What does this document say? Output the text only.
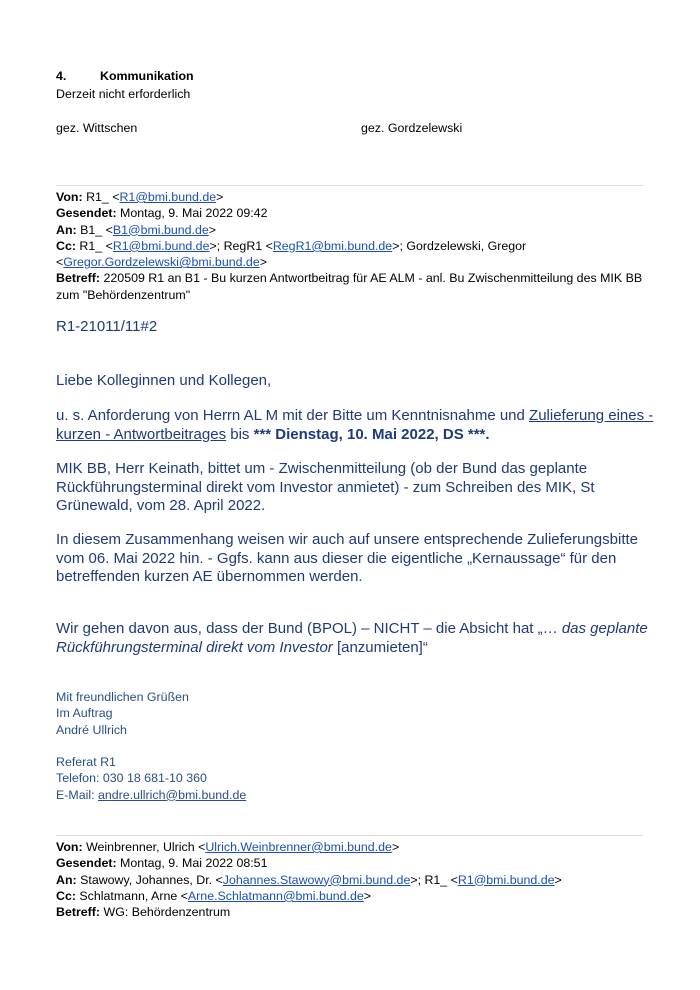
4.	Kommunikation
Derzeit nicht erforderlich
gez. Wittschen	gez. Gordzelewski

Von: R1_ <R1@bmi.bund.de>

Gesendet: Montag, 9. Mai 2022 09:42

An: B1_ <B1@bmi.bund.de>

Cc: R1_ <R1@bmi.bund.de>; RegR1 <RegR1@bmi.bund.de>; Gordzelewski, Gregor

<Gregor.Gordzelewski@bmi.bund.de>

Betreff: 220509 R1 an B1 - Bu kurzen Antwortbeitrag für AE ALM - anl. Bu Zwischenmitteilung des MIK BB

zum "Behördenzentrum"

R1-21011/11#2
Liebe Kolleginnen und Kollegen,
u. s. Anforderung von Herrn AL M mit der Bitte um Kenntnisnahme und Zulieferung eines -
kurzen - Antwortbeitrages bis *** Dienstag, 10. Mai 2022, DS ***.

MIK BB, Herr Keinath, bittet um - Zwischenmitteilung (ob der Bund das geplante

Rückführungsterminal direkt vom Investor anmietet) - zum Schreiben des MIK, St

Grünewald, vom 28. April 2022.

In diesem Zusammenhang weisen wir auch auf unsere entsprechende Zulieferungsbitte

vom 06. Mai 2022 hin. - Ggfs. kann aus dieser die eigentliche „Kernaussage“ für den

betreffenden kurzen AE übernommen werden.

Wir gehen davon aus, dass der Bund (BPOL) – NICHT – die Absicht hat „… das geplante
Rückführungsterminal direkt vom Investor [anzumieten]“

Mit freundlichen Grüßen

Im Auftrag

André Ullrich

Referat R1

Telefon: 030 18 681-10 360

E-Mail: andre.ullrich@bmi.bund.de

Von: Weinbrenner, Ulrich <Ulrich.Weinbrenner@bmi.bund.de>

Gesendet: Montag, 9. Mai 2022 08:51

An: Stawowy, Johannes, Dr. <Johannes.Stawowy@bmi.bund.de>; R1_ <R1@bmi.bund.de>

Cc: Schlatmann, Arne <Arne.Schlatmann@bmi.bund.de>

Betreff: WG: Behördenzentrum
